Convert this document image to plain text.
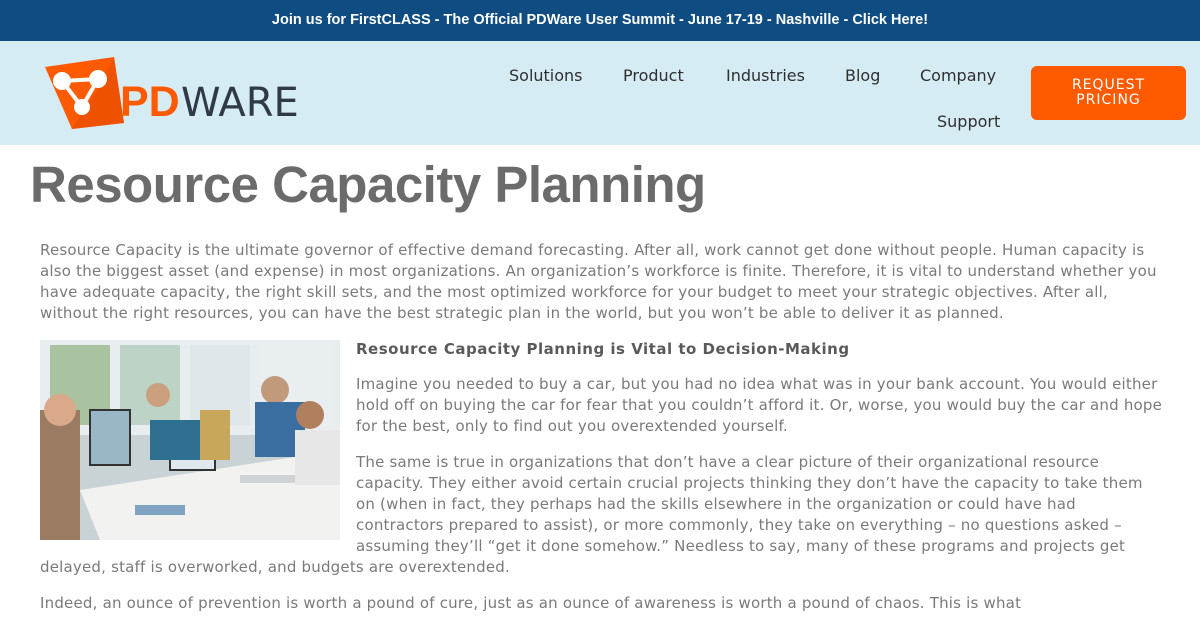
Join us for FirstCLASS - The Official PDWare User Summit - June 17-19 - Nashville - Click Here!
PD WARE
Solutions	Product	Industries	Blog Company
Support
REQUEST PRICING
Resource Capacity Planning

Resource Capacity is the ultimate governor of effective demand forecasting. After all, work cannot get done without people. Human capacity is also the biggest asset (and expense) in most organizations. An organization’s workforce is finite. Therefore, it is vital to understand whether you have adequate capacity, the right skill sets, and the most optimized workforce for your budget to meet your strategic objectives. After all, without the right resources, you can have the best strategic plan in the world, but you won’t be able to deliver it as planned.

Resource Capacity Planning is Vital to Decision-Making

Imagine you needed to buy a car, but you had no idea what was in your bank account. You would either hold off on buying the car for fear that you couldn’t afford it. Or, worse, you would buy the car and hope for the best, only to find out you overextended yourself.

The same is true in organizations that don’t have a clear picture of their organizational resource capacity. They either avoid certain crucial projects thinking they don’t have the capacity to take them on (when in fact, they perhaps had the skills elsewhere in the organization or could have had contractors prepared to assist), or more commonly, they take on everything – no questions asked – assuming they’ll “get it done somehow.” Needless to say, many of these programs and projects get delayed, staff is overworked, and budgets are overextended.

Indeed, an ounce of prevention is worth a pound of cure, just as an ounce of awareness is worth a pound of chaos. This is what
